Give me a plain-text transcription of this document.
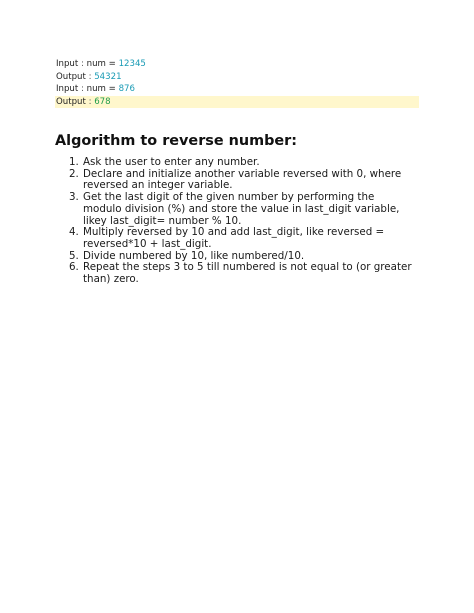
Input : num = 12345
Output : 54321
Input : num = 876
Output : 678
Algorithm to reverse number:
1. Ask the user to enter any number.
2. Declare and initialize another variable reversed with 0, where reversed an integer variable.
3. Get the last digit of the given number by performing the modulo division (%) and store the value in last_digit variable, likey last_digit= number % 10.
4. Multiply reversed by 10 and add last_digit, like reversed = reversed*10 + last_digit.
5. Divide numbered by 10, like numbered/10.
6. Repeat the steps 3 to 5 till numbered is not equal to (or greater than) zero.
